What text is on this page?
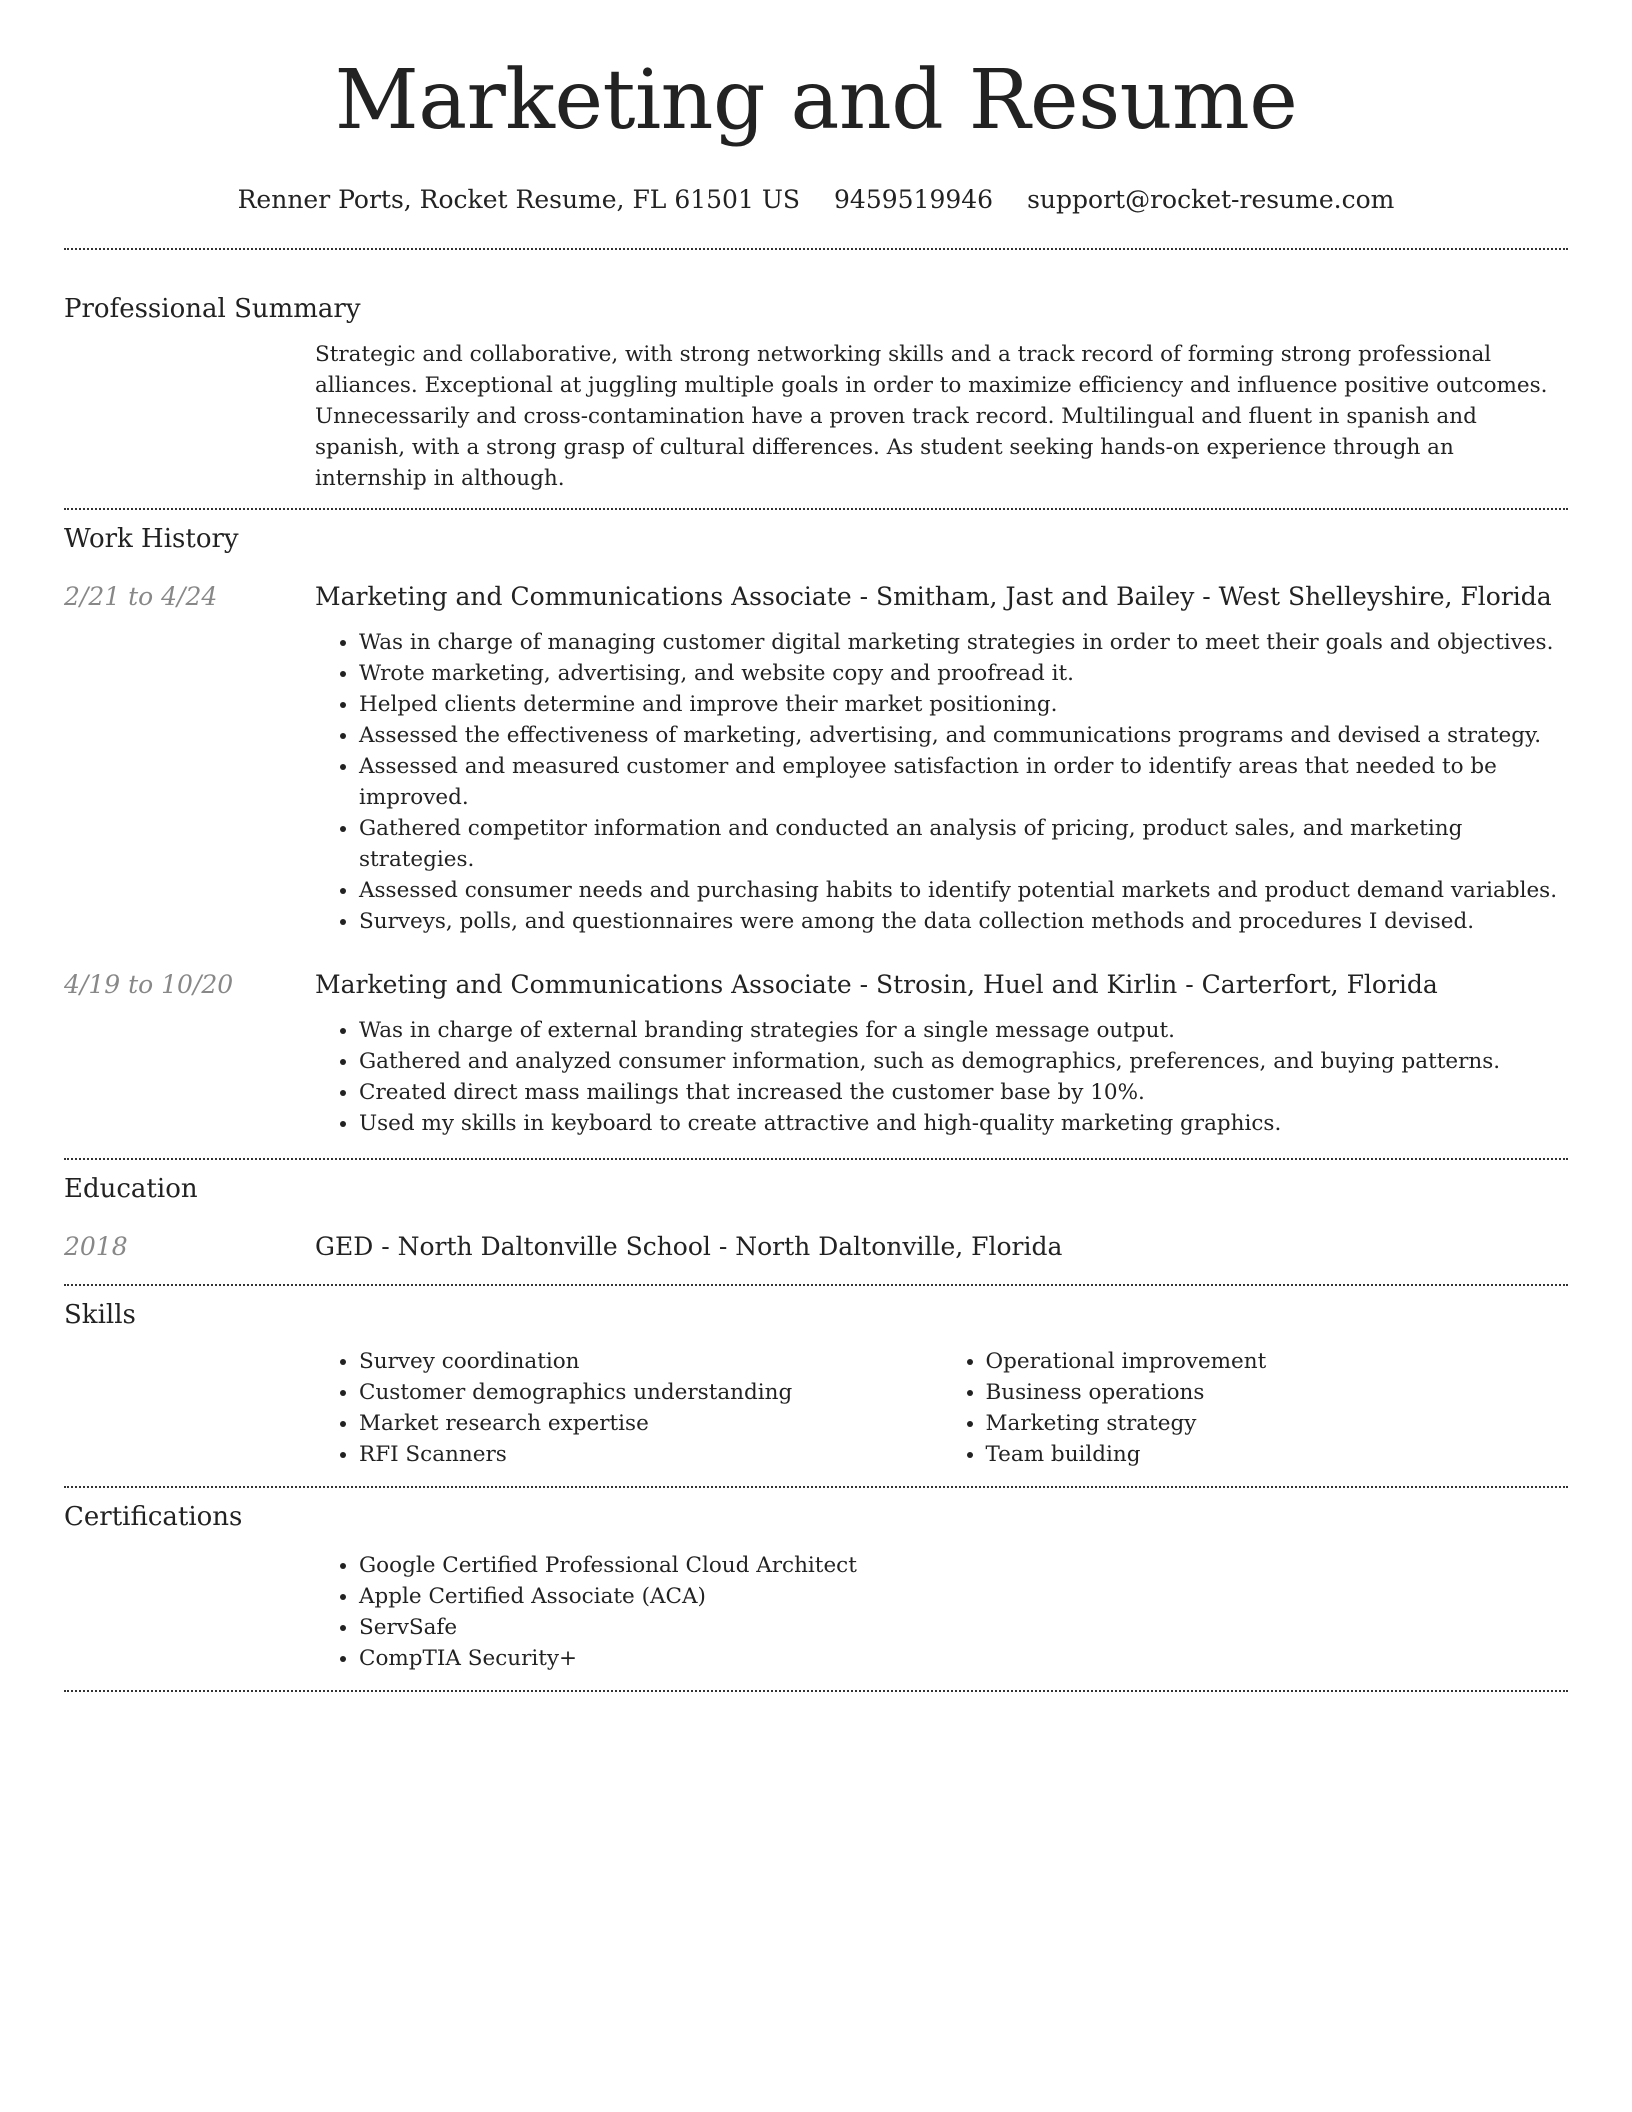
Marketing and Resume
Renner Ports, Rocket Resume, FL 61501 US 9459519946 support@rocket-resume.com
Professional Summary

Strategic and collaborative, with strong networking skills and a track record of forming strong professional alliances. Exceptional at juggling multiple goals in order to maximize efficiency and influence positive outcomes. Unnecessarily and cross-contamination have a proven track record. Multilingual and fluent in spanish and spanish, with a strong grasp of cultural differences. As student seeking hands-on experience through an internship in although.

Work History
2/21 to 4/24	Marketing and Communications Associate - Smitham, Jast and Bailey - West Shelleyshire, Florida
• Was in charge of managing customer digital marketing strategies in order to meet their goals and objectives.
• Wrote marketing, advertising, and website copy and proofread it.
• Helped clients determine and improve their market positioning.
• Assessed the effectiveness of marketing, advertising, and communications programs and devised a strategy.
• Assessed and measured customer and employee satisfaction in order to identify areas that needed to be improved.
• Gathered competitor information and conducted an analysis of pricing, product sales, and marketing strategies.
• Assessed consumer needs and purchasing habits to identify potential markets and product demand variables.
• Surveys, polls, and questionnaires were among the data collection methods and procedures I devised.
4/19 to 10/20	Marketing and Communications Associate - Strosin, Huel and Kirlin - Carterfort, Florida
• Was in charge of external branding strategies for a single message output.
• Gathered and analyzed consumer information, such as demographics, preferences, and buying patterns.
• Created direct mass mailings that increased the customer base by 10%.
• Used my skills in keyboard to create attractive and high-quality marketing graphics.
Education
2018	GED - North Daltonville School - North Daltonville, Florida
Skills
• Survey coordination
• Customer demographics understanding
• Market research expertise
• RFI Scanners
• Operational improvement
• Business operations
• Marketing strategy
• Team building
Certifications
• Google Certified Professional Cloud Architect
• Apple Certified Associate (ACA)
• ServSafe
• CompTIA Security+
